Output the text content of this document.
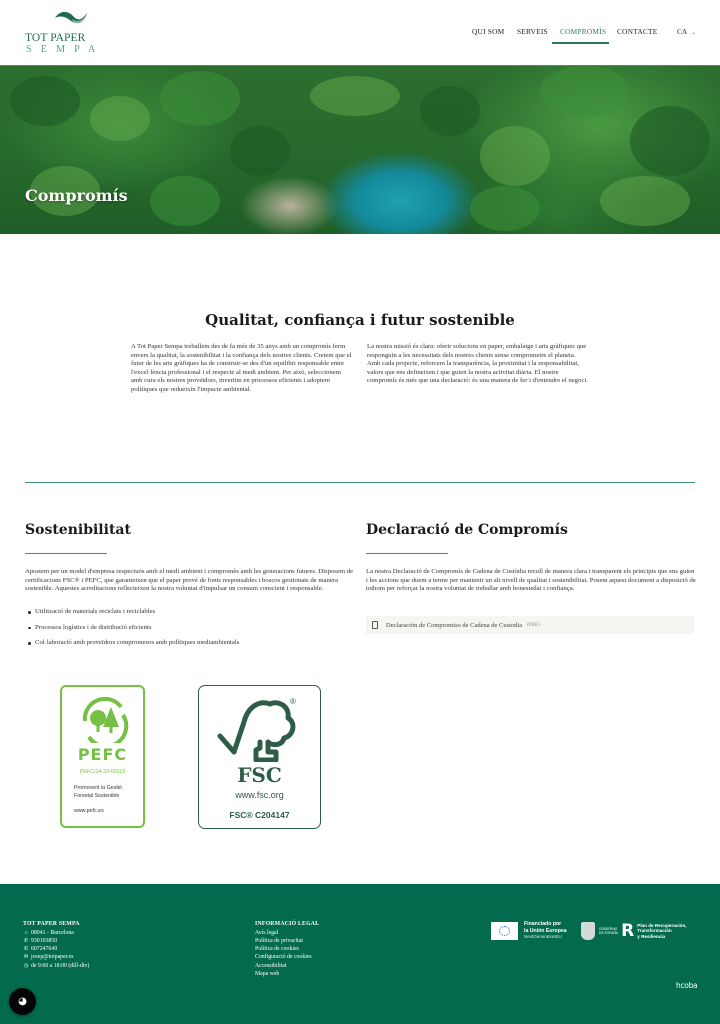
TOT PAPER
SEMPA
QUI SOM SERVEIS COMPROMÍS CONTACTE	CA ⌄
Compromís
Qualitat, confiança i futur sostenible

A Tot Paper Sempa treballem des de fa més de 35 anys amb un compromís ferm envers la qualitat, la sostenibilitat i la confiança dels nostres clients. Creiem que el futur de les arts gràfiques ha de construir-se des d'un equilibri responsable entre l'excel·lència professional i el respecte al medi ambient. Per això, seleccionem amb cura els nostres proveïdors, invertim en processos eficients i adoptem polítiques que redueixin l'impacte ambiental.

La nostra missió és clara: oferir solucions en paper, embalatge i arts gràfiques que responguin a les necessitats dels nostres clients sense comprometre el planeta. Amb cada projecte, reforcem la transparència, la proximitat i la responsabilitat, valors que ens defineixen i que guien la nostra activitat diària. El nostre compromís és més que una declaració: és una manera de fer i d'entendre el negoci.

Sostenibilitat

Apostem per un model d'empresa respectuós amb el medi ambient i compromès amb les generacions futures. Disposem de certificacions FSC® i PEFC, que garanteixen que el paper prové de fonts responsables i boscos gestionats de manera sostenible. Aquestes acreditacions reflecteixen la nostra voluntat d'impulsar un consum conscient i responsable.

Utilització de materials reciclats i reciclables
Processos logístics i de distribució eficients
Col·laboració amb proveïdors compromesos amb polítiques mediambientals
PEFC
PEFC/14-33-00119
Promovent la Gestió
Forestal Sostenible
www.pefc.es
®
FSC
www.fsc.org
FSC® C204147
Declaració de Compromís

La nostra Declaració de Compromís de Cadena de Custòdia recull de manera clara i transparent els principis que ens guien i les accions que duem a terme per mantenir un alt nivell de qualitat i sostenibilitat. Posem aquest document a disposició de tothom per reforçar la nostra voluntat de treballar amb honestedat i confiança.

Declaración de Compromiso de Cadena de Custodia (PDF)
TOT PAPER SEMPA
⌂ 08041 - Barcelona
✆ 930103850
✆ 607247649
✉ josep@totpaper.es
◷ de 9:00 a 18:00 (dill-div)
INFORMACIÓ LEGAL
Avís legal
Política de privacitat
Política de cookies
Configuració de cookies
Accessibilitat
Mapa web
Financiado por
la Unión Europea
NextGenerationEU
GOBIERNO
DE ESPAÑA R Plan de Recuperación,
Transformación
y Resiliencia
hcoba
◕
